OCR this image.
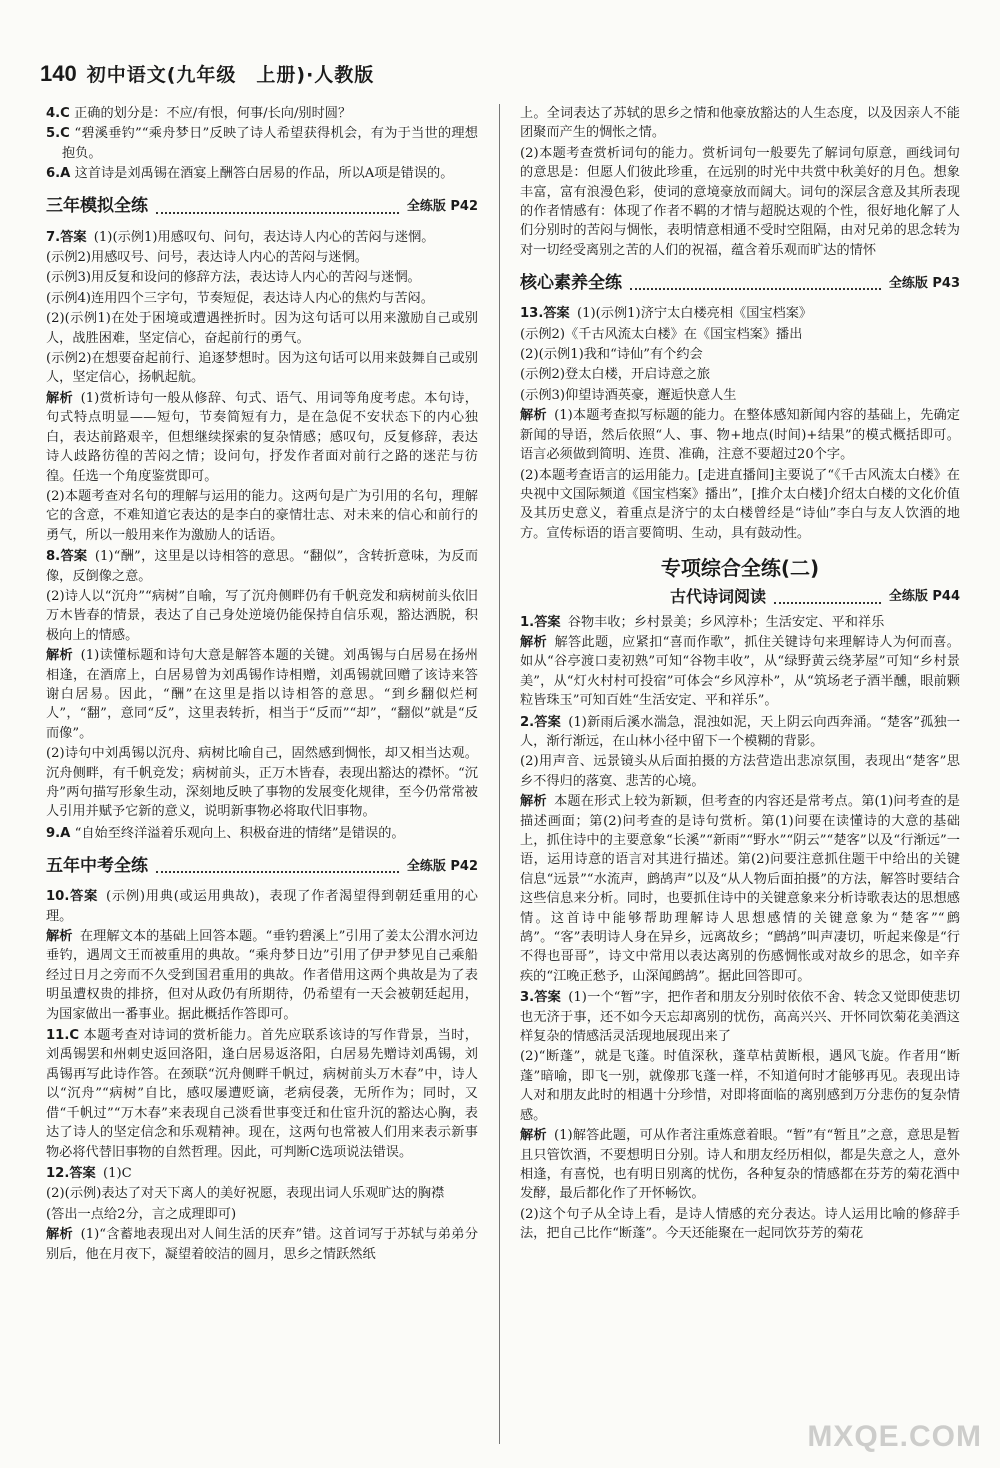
140 初中语文(九年级　上册)·人教版
4.C 正确的划分是：不应/有恨，何事/长向/别时圆？
5.C “碧溪垂钓”“乘舟梦日”反映了诗人希望获得机会，有为于当世的理想抱负。
6.A 这首诗是刘禹锡在酒宴上酬答白居易的作品，所以A项是错误的。
三年模拟全练	全练版 P42
7.答案 (1)(示例1)用感叹句、问句，表达诗人内心的苦闷与迷惘。
(示例2)用感叹号、问号，表达诗人内心的苦闷与迷惘。
(示例3)用反复和设问的修辞方法，表达诗人内心的苦闷与迷惘。
(示例4)连用四个三字句，节奏短促，表达诗人内心的焦灼与苦闷。
(2)(示例1)在处于困境或遭遇挫折时。因为这句话可以用来激励自己或别人，战胜困难，坚定信心，奋起前行的勇气。
(示例2)在想要奋起前行、追逐梦想时。因为这句话可以用来鼓舞自己或别人，坚定信心，扬帆起航。
解析 (1)赏析诗句一般从修辞、句式、语气、用词等角度考虑。本句诗，句式特点明显——短句，节奏简短有力，是在急促不安状态下的内心独白，表达前路艰辛，但想继续探索的复杂情感；感叹句，反复修辞，表达诗人歧路彷徨的苦闷之情；设问句，抒发作者面对前行之路的迷茫与彷徨。任选一个角度鉴赏即可。
(2)本题考查对名句的理解与运用的能力。这两句是广为引用的名句，理解它的含意，不难知道它表达的是李白的豪情壮志、对未来的信心和前行的勇气，所以一般用来作为激励人的话语。
8.答案 (1)“酬”，这里是以诗相答的意思。“翻似”，含转折意味，为反而像，反倒像之意。
(2)诗人以“沉舟”“病树”自喻，写了沉舟侧畔仍有千帆竞发和病树前头依旧万木皆春的情景，表达了自己身处逆境仍能保持自信乐观，豁达洒脱，积极向上的情感。
解析 (1)读懂标题和诗句大意是解答本题的关键。刘禹锡与白居易在扬州相逢，在酒席上，白居易曾为刘禹锡作诗相赠，刘禹锡就回赠了该诗来答谢白居易。因此，“酬”在这里是指以诗相答的意思。“到乡翻似烂柯人”，“翻”，意同“反”，这里表转折，相当于“反而”“却”，“翻似”就是“反而像”。
(2)诗句中刘禹锡以沉舟、病树比喻自己，固然感到惆怅，却又相当达观。沉舟侧畔，有千帆竞发；病树前头，正万木皆春，表现出豁达的襟怀。“沉舟”两句描写形象生动，深刻地反映了事物的发展变化规律，至今仍常常被人引用并赋予它新的意义，说明新事物必将取代旧事物。
9.A “自始至终洋溢着乐观向上、积极奋进的情绪”是错误的。
五年中考全练	全练版 P42
10.答案 (示例)用典(或运用典故)，表现了作者渴望得到朝廷重用的心理。
解析 在理解文本的基础上回答本题。“垂钓碧溪上”引用了姜太公渭水河边垂钓，遇周文王而被重用的典故。“乘舟梦日边”引用了伊尹梦见自己乘船经过日月之旁而不久受到国君重用的典故。作者借用这两个典故是为了表明虽遭权贵的排挤，但对从政仍有所期待，仍希望有一天会被朝廷起用，为国家做出一番事业。据此概括作答即可。
11.C 本题考查对诗词的赏析能力。首先应联系该诗的写作背景，当时，刘禹锡罢和州刺史返回洛阳，逢白居易返洛阳，白居易先赠诗刘禹锡，刘禹锡再写此诗作答。在颈联“沉舟侧畔千帆过，病树前头万木春”中，诗人以“沉舟”“病树”自比，感叹屡遭贬谪，老病侵袭，无所作为；同时，又借“千帆过”“万木春”来表现自己淡看世事变迁和仕宦升沉的豁达心胸，表达了诗人的坚定信念和乐观精神。现在，这两句也常被人们用来表示新事物必将代替旧事物的自然哲理。因此，可判断C选项说法错误。
12.答案 (1)C
(2)(示例)表达了对天下离人的美好祝愿，表现出词人乐观旷达的胸襟
(答出一点给2分，言之成理即可)
解析 (1)“含蓄地表现出对人间生活的厌弃”错。这首词写于苏轼与弟弟分别后，他在月夜下，凝望着皎洁的圆月，思乡之情跃然纸
上。全词表达了苏轼的思乡之情和他豪放豁达的人生态度，以及因亲人不能团聚而产生的惆怅之情。
(2)本题考查赏析词句的能力。赏析词句一般要先了解词句原意，画线词句的意思是：但愿人们彼此珍重，在远别的时光中共赏中秋美好的月色。想象丰富，富有浪漫色彩，使词的意境豪放而阔大。词句的深层含意及其所表现的作者情感有：体现了作者不羁的才情与超脱达观的个性，很好地化解了人们分别时的苦闷与惆怅，表明情意相通不受时空阻隔，由对兄弟的思念转为对一切经受离别之苦的人们的祝福，蕴含着乐观而旷达的情怀
核心素养全练	全练版 P43
13.答案 (1)(示例1)济宁太白楼亮相《国宝档案》
(示例2)《千古风流太白楼》在《国宝档案》播出
(2)(示例1)我和“诗仙”有个约会
(示例2)登太白楼，开启诗意之旅
(示例3)仰望诗酒英豪，邂逅快意人生
解析 (1)本题考查拟写标题的能力。在整体感知新闻内容的基础上，先确定新闻的导语，然后依照“人、事、物+地点(时间)+结果”的模式概括即可。语言必须做到简明、连贯、准确，注意不要超过20个字。
(2)本题考查语言的运用能力。[走进直播间]主要说了“《千古风流太白楼》在央视中文国际频道《国宝档案》播出”，[推介太白楼]介绍太白楼的文化价值及其历史意义，着重点是济宁的太白楼曾经是“诗仙”李白与友人饮酒的地方。宣传标语的语言要简明、生动，具有鼓动性。
专项综合全练(二)
古代诗词阅读	全练版 P44
1.答案 谷物丰收；乡村景美；乡风淳朴；生活安定、平和祥乐
解析 解答此题，应紧扣“喜而作歌”，抓住关键诗句来理解诗人为何而喜。如从“谷亭渡口麦初熟”可知“谷物丰收”，从“绿野黄云绕茅屋”可知“乡村景美”，从“灯火村村可投宿”可体会“乡风淳朴”，从“筑场老子酒半醺，眼前颗粒皆珠玉”可知百姓“生活安定、平和祥乐”。
2.答案 (1)新雨后溪水湍急，混浊如泥，天上阴云向西奔涌。“楚客”孤独一人，渐行渐远，在山林小径中留下一个模糊的背影。
(2)用声音、远景镜头从后面拍摄的方法营造出悲凉氛围，表现出“楚客”思乡不得归的落寞、悲苦的心境。
解析 本题在形式上较为新颖，但考查的内容还是常考点。第(1)问考查的是描述画面；第(2)问考查的是诗句赏析。第(1)问要在读懂诗的大意的基础上，抓住诗中的主要意象“长溪”“新雨”“野水”“阴云”“楚客”以及“行渐远”一语，运用诗意的语言对其进行描述。第(2)问要注意抓住题干中给出的关键信息“远景”“水流声，鹧鸪声”以及“从人物后面拍摄”的方法，解答时要结合这些信息来分析。同时，也要抓住诗中的关键意象来分析诗歌表达的思想感情。这首诗中能够帮助理解诗人思想感情的关键意象为“楚客”“鹧鸪”。“客”表明诗人身在异乡，远离故乡；“鹧鸪”叫声凄切，听起来像是“行不得也哥哥”，诗文中常用以表达离别的伤感惆怅或对故乡的思念，如辛弃疾的“江晚正愁予，山深闻鹧鸪”。据此回答即可。
3.答案 (1)一个“暂”字，把作者和朋友分别时依依不舍、转念又觉即使悲切也无济于事，还不如今天忘却离别的忧伤，高高兴兴、开怀同饮菊花美酒这样复杂的情感活灵活现地展现出来了
(2)“断蓬”，就是飞蓬。时值深秋，蓬草枯黄断根，遇风飞旋。作者用“断蓬”暗喻，即飞一别，就像那飞蓬一样，不知道何时才能够再见。表现出诗人对和朋友此时的相遇十分珍惜，对即将面临的离别感到万分悲伤的复杂情感。
解析 (1)解答此题，可从作者注重炼意着眼。“暂”有“暂且”之意，意思是暂且只管饮酒，不要想明日分别。诗人和朋友经历相似，都是失意之人，意外相逢，有喜悦，也有明日别离的忧伤，各种复杂的情感都在芬芳的菊花酒中发酵，最后都化作了开怀畅饮。
(2)这个句子从全诗上看，是诗人情感的充分表达。诗人运用比喻的修辞手法，把自己比作“断蓬”。今天还能聚在一起同饮芬芳的菊花
MXQE.COM
